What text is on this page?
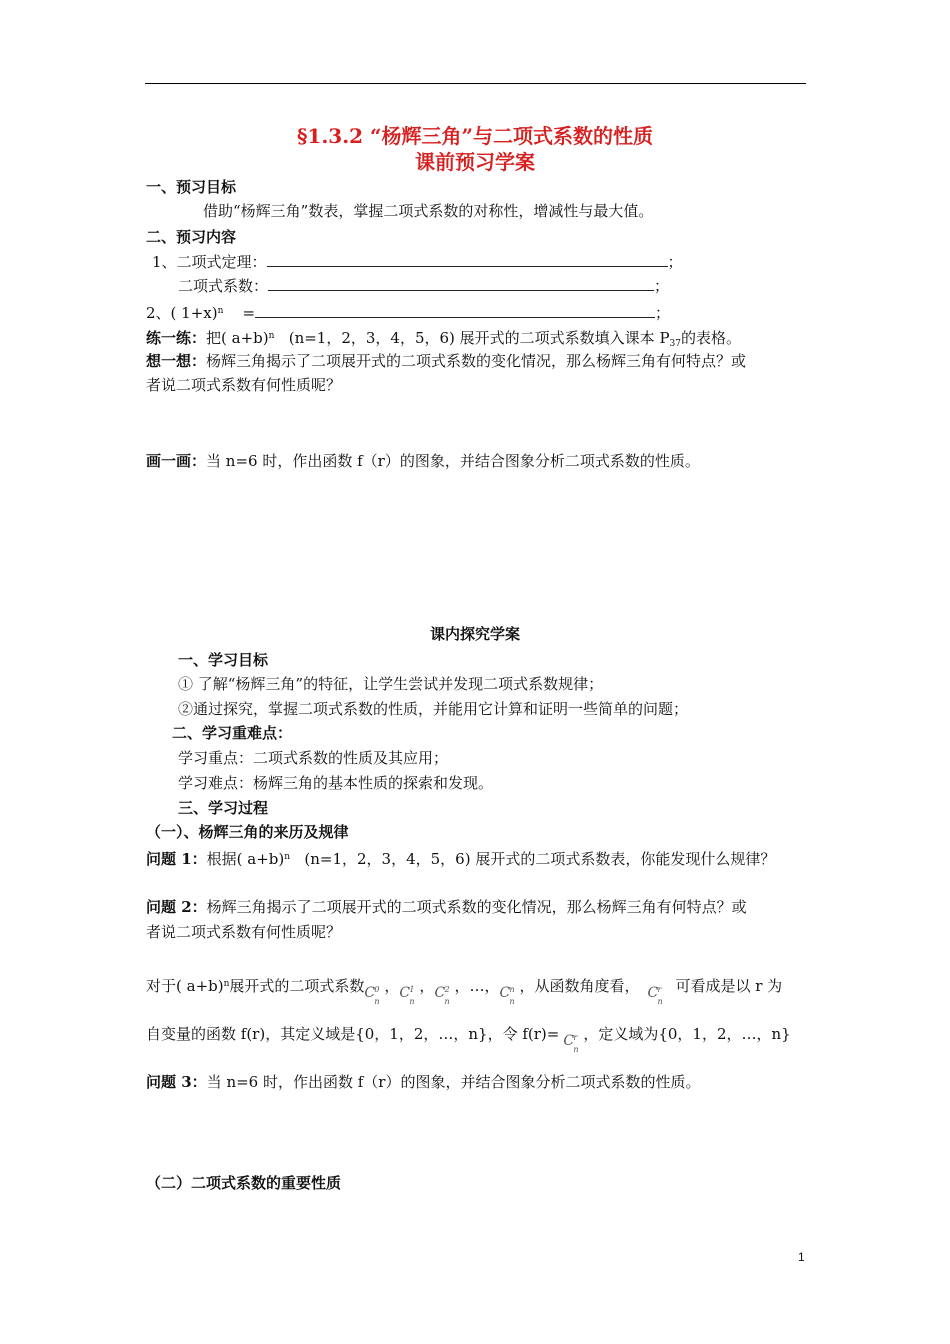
§1.3.2 “杨辉三角”与二项式系数的性质
课前预习学案
一、预习目标
借助“杨辉三角”数表，掌握二项式系数的对称性，增减性与最大值。
二、预习内容
1、二项式定理：	；
二项式系数：	；
2、( 1+x)$^n$ =	；
练一练：把( a+b)$^n$ (n=1，2，3，4，5，6) 展开式的二项式系数填入课本 $P_{37}$的表格。
想一想：杨辉三角揭示了二项展开式的二项式系数的变化情况，那么杨辉三角有何特点？或
者说二项式系数有何性质呢？
画一画：当 n=6 时，作出函数 f（r）的图象，并结合图象分析二项式系数的性质。
课内探究学案
一、学习目标
① 了解“杨辉三角”的特征，让学生尝试并发现二项式系数规律；
②通过探究，掌握二项式系数的性质，并能用它计算和证明一些简单的问题；
二、学习重难点：
学习重点：二项式系数的性质及其应用；
学习难点：杨辉三角的基本性质的探索和发现。
三、学习过程
（一）、杨辉三角的来历及规律
问题 1：根据( a+b)$^n$ (n=1，2，3，4，5，6) 展开式的二项式系数表，你能发现什么规律？
问题 2：杨辉三角揭示了二项展开式的二项式系数的变化情况，那么杨辉三角有何特点？或
者说二项式系数有何性质呢？
对于( a+b)$^n$展开式的二项式系数C 0
n
，C 1
n
，C 2
n
，…，C n
n
，从函数角度看， C r
n
可看成是以 r 为
自变量的函数 f(r)，其定义域是{0，1，2，…，n}，令 f(r)= C r
n
，定义域为{0，1，2，…，n}
问题 3：当 n=6 时，作出函数 f（r）的图象，并结合图象分析二项式系数的性质。
（二）二项式系数的重要性质
1
